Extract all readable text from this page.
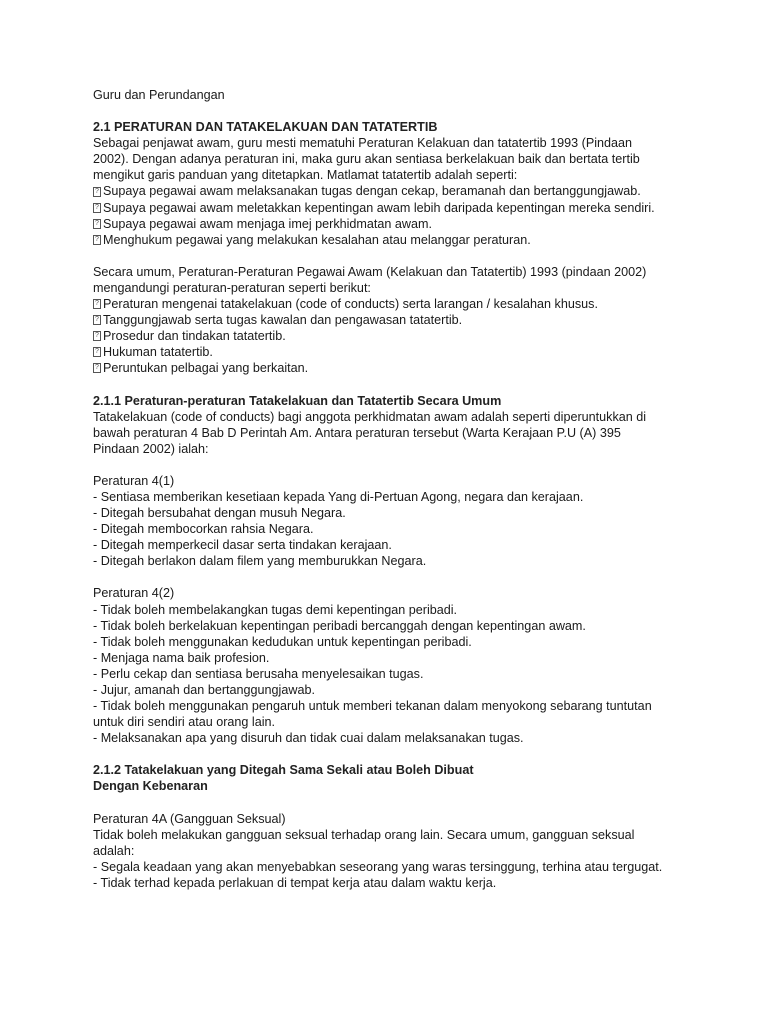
Guru dan Perundangan

2.1 PERATURAN DAN TATAKELAKUAN DAN TATATERTIB

Sebagai penjawat awam, guru mesti mematuhi Peraturan Kelakuan dan tatatertib 1993 (Pindaan

2002). Dengan adanya peraturan ini, maka guru akan sentiasa berkelakuan baik dan bertata tertib

mengikut garis panduan yang ditetapkan. Matlamat tatatertib adalah seperti:

? Supaya pegawai awam melaksanakan tugas dengan cekap, beramanah dan bertanggungjawab.
? Supaya pegawai awam meletakkan kepentingan awam lebih daripada kepentingan mereka sendiri.
? Supaya pegawai awam menjaga imej perkhidmatan awam.
? Menghukum pegawai yang melakukan kesalahan atau melanggar peraturan.

Secara umum, Peraturan-Peraturan Pegawai Awam (Kelakuan dan Tatatertib) 1993 (pindaan 2002)

mengandungi peraturan-peraturan seperti berikut:

? Peraturan mengenai tatakelakuan (code of conducts) serta larangan / kesalahan khusus.
? Tanggungjawab serta tugas kawalan dan pengawasan tatatertib.
? Prosedur dan tindakan tatatertib.
? Hukuman tatatertib.
? Peruntukan pelbagai yang berkaitan.

2.1.1 Peraturan-peraturan Tatakelakuan dan Tatatertib Secara Umum

Tatakelakuan (code of conducts) bagi anggota perkhidmatan awam adalah seperti diperuntukkan di

bawah peraturan 4 Bab D Perintah Am. Antara peraturan tersebut (Warta Kerajaan P.U (A) 395

Pindaan 2002) ialah:

Peraturan 4(1)

- Sentiasa memberikan kesetiaan kepada Yang di-Pertuan Agong, negara dan kerajaan.

- Ditegah bersubahat dengan musuh Negara.

- Ditegah membocorkan rahsia Negara.

- Ditegah memperkecil dasar serta tindakan kerajaan.

- Ditegah berlakon dalam filem yang memburukkan Negara.

Peraturan 4(2)

- Tidak boleh membelakangkan tugas demi kepentingan peribadi.

- Tidak boleh berkelakuan kepentingan peribadi bercanggah dengan kepentingan awam.

- Tidak boleh menggunakan kedudukan untuk kepentingan peribadi.

- Menjaga nama baik profesion.

- Perlu cekap dan sentiasa berusaha menyelesaikan tugas.

- Jujur, amanah dan bertanggungjawab.

- Tidak boleh menggunakan pengaruh untuk memberi tekanan dalam menyokong sebarang tuntutan

untuk diri sendiri atau orang lain.

- Melaksanakan apa yang disuruh dan tidak cuai dalam melaksanakan tugas.

2.1.2 Tatakelakuan yang Ditegah Sama Sekali atau Boleh Dibuat

Dengan Kebenaran

Peraturan 4A (Gangguan Seksual)

Tidak boleh melakukan gangguan seksual terhadap orang lain. Secara umum, gangguan seksual

adalah:

- Segala keadaan yang akan menyebabkan seseorang yang waras tersinggung, terhina atau tergugat.

- Tidak terhad kepada perlakuan di tempat kerja atau dalam waktu kerja.
